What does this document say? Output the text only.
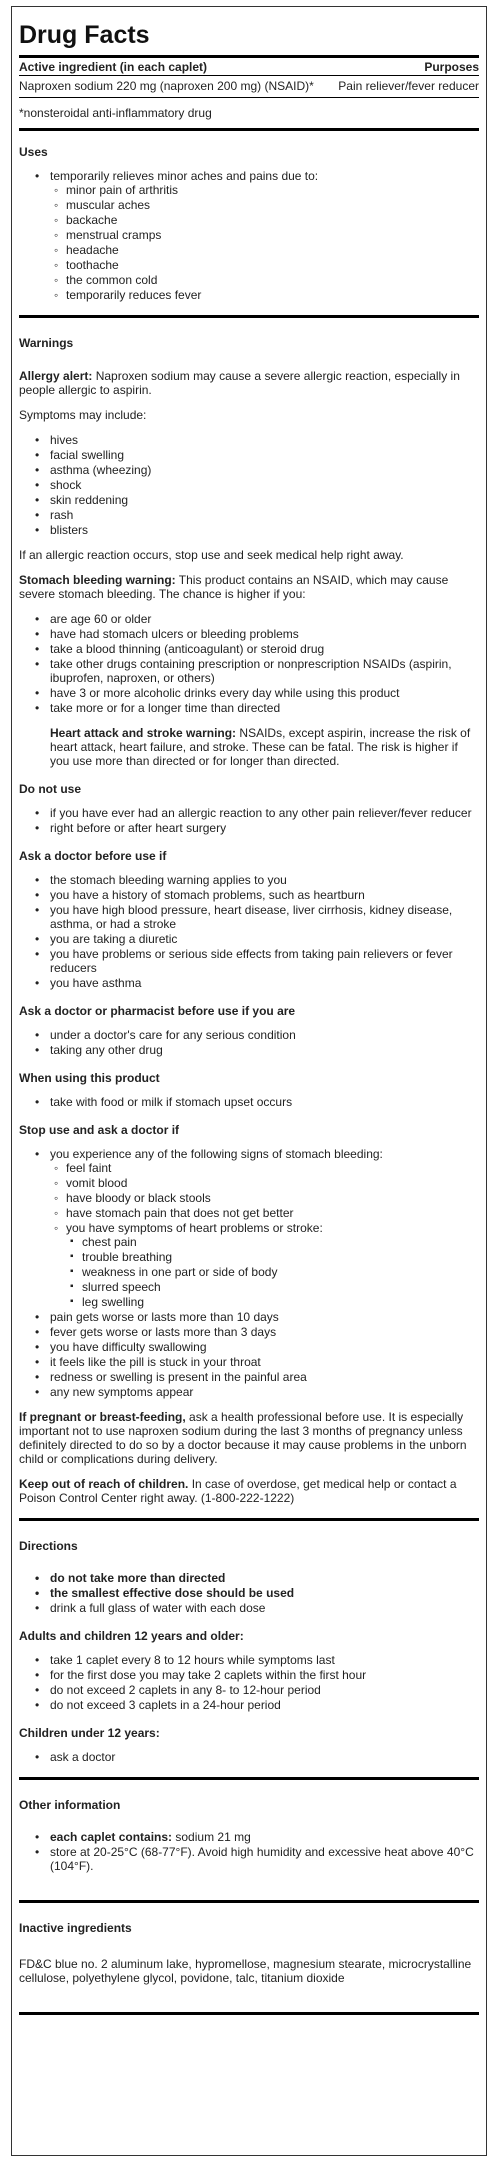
Drug Facts
Active ingredient (in each caplet)	Purposes
Naproxen sodium 220 mg (naproxen 200 mg) (NSAID)*	Pain reliever/fever reducer
*nonsteroidal anti-inflammatory drug
Uses
• temporarily relieves minor aches and pains due to:
◦ minor pain of arthritis
◦ muscular aches
◦ backache
◦ menstrual cramps
◦ headache
◦ toothache
◦ the common cold
◦ temporarily reduces fever
Warnings

Allergy alert: Naproxen sodium may cause a severe allergic reaction, especially in people allergic to aspirin.

Symptoms may include:

• hives
• facial swelling
• asthma (wheezing)
• shock
• skin reddening
• rash
• blisters

If an allergic reaction occurs, stop use and seek medical help right away.

Stomach bleeding warning: This product contains an NSAID, which may cause severe stomach bleeding. The chance is higher if you:

• are age 60 or older
• have had stomach ulcers or bleeding problems
• take a blood thinning (anticoagulant) or steroid drug
• take other drugs containing prescription or nonprescription NSAIDs (aspirin, ibuprofen, naproxen, or others)
• have 3 or more alcoholic drinks every day while using this product
• take more or for a longer time than directed

Heart attack and stroke warning: NSAIDs, except aspirin, increase the risk of heart attack, heart failure, and stroke. These can be fatal. The risk is higher if you use more than directed or for longer than directed.

Do not use
• if you have ever had an allergic reaction to any other pain reliever/fever reducer
• right before or after heart surgery
Ask a doctor before use if
• the stomach bleeding warning applies to you
• you have a history of stomach problems, such as heartburn
• you have high blood pressure, heart disease, liver cirrhosis, kidney disease, asthma, or had a stroke
• you are taking a diuretic
• you have problems or serious side effects from taking pain relievers or fever reducers
• you have asthma
Ask a doctor or pharmacist before use if you are
• under a doctor's care for any serious condition
• taking any other drug
When using this product
• take with food or milk if stomach upset occurs
Stop use and ask a doctor if
• you experience any of the following signs of stomach bleeding:
◦ feel faint
◦ vomit blood
◦ have bloody or black stools
◦ have stomach pain that does not get better
◦ you have symptoms of heart problems or stroke:
▪ chest pain
▪ trouble breathing
▪ weakness in one part or side of body
▪ slurred speech
▪ leg swelling
• pain gets worse or lasts more than 10 days
• fever gets worse or lasts more than 3 days
• you have difficulty swallowing
• it feels like the pill is stuck in your throat
• redness or swelling is present in the painful area
• any new symptoms appear

If pregnant or breast-feeding, ask a health professional before use. It is especially important not to use naproxen sodium during the last 3 months of pregnancy unless definitely directed to do so by a doctor because it may cause problems in the unborn child or complications during delivery.

Keep out of reach of children. In case of overdose, get medical help or contact a Poison Control Center right away. (1-800-222-1222)

Directions
• do not take more than directed
• the smallest effective dose should be used
• drink a full glass of water with each dose
Adults and children 12 years and older:
• take 1 caplet every 8 to 12 hours while symptoms last
• for the first dose you may take 2 caplets within the first hour
• do not exceed 2 caplets in any 8- to 12-hour period
• do not exceed 3 caplets in a 24-hour period
Children under 12 years:
• ask a doctor
Other information
• each caplet contains: sodium 21 mg
• store at 20-25°C (68-77°F). Avoid high humidity and excessive heat above 40°C (104°F).
Inactive ingredients

FD&C blue no. 2 aluminum lake, hypromellose, magnesium stearate, microcrystalline cellulose, polyethylene glycol, povidone, talc, titanium dioxide
